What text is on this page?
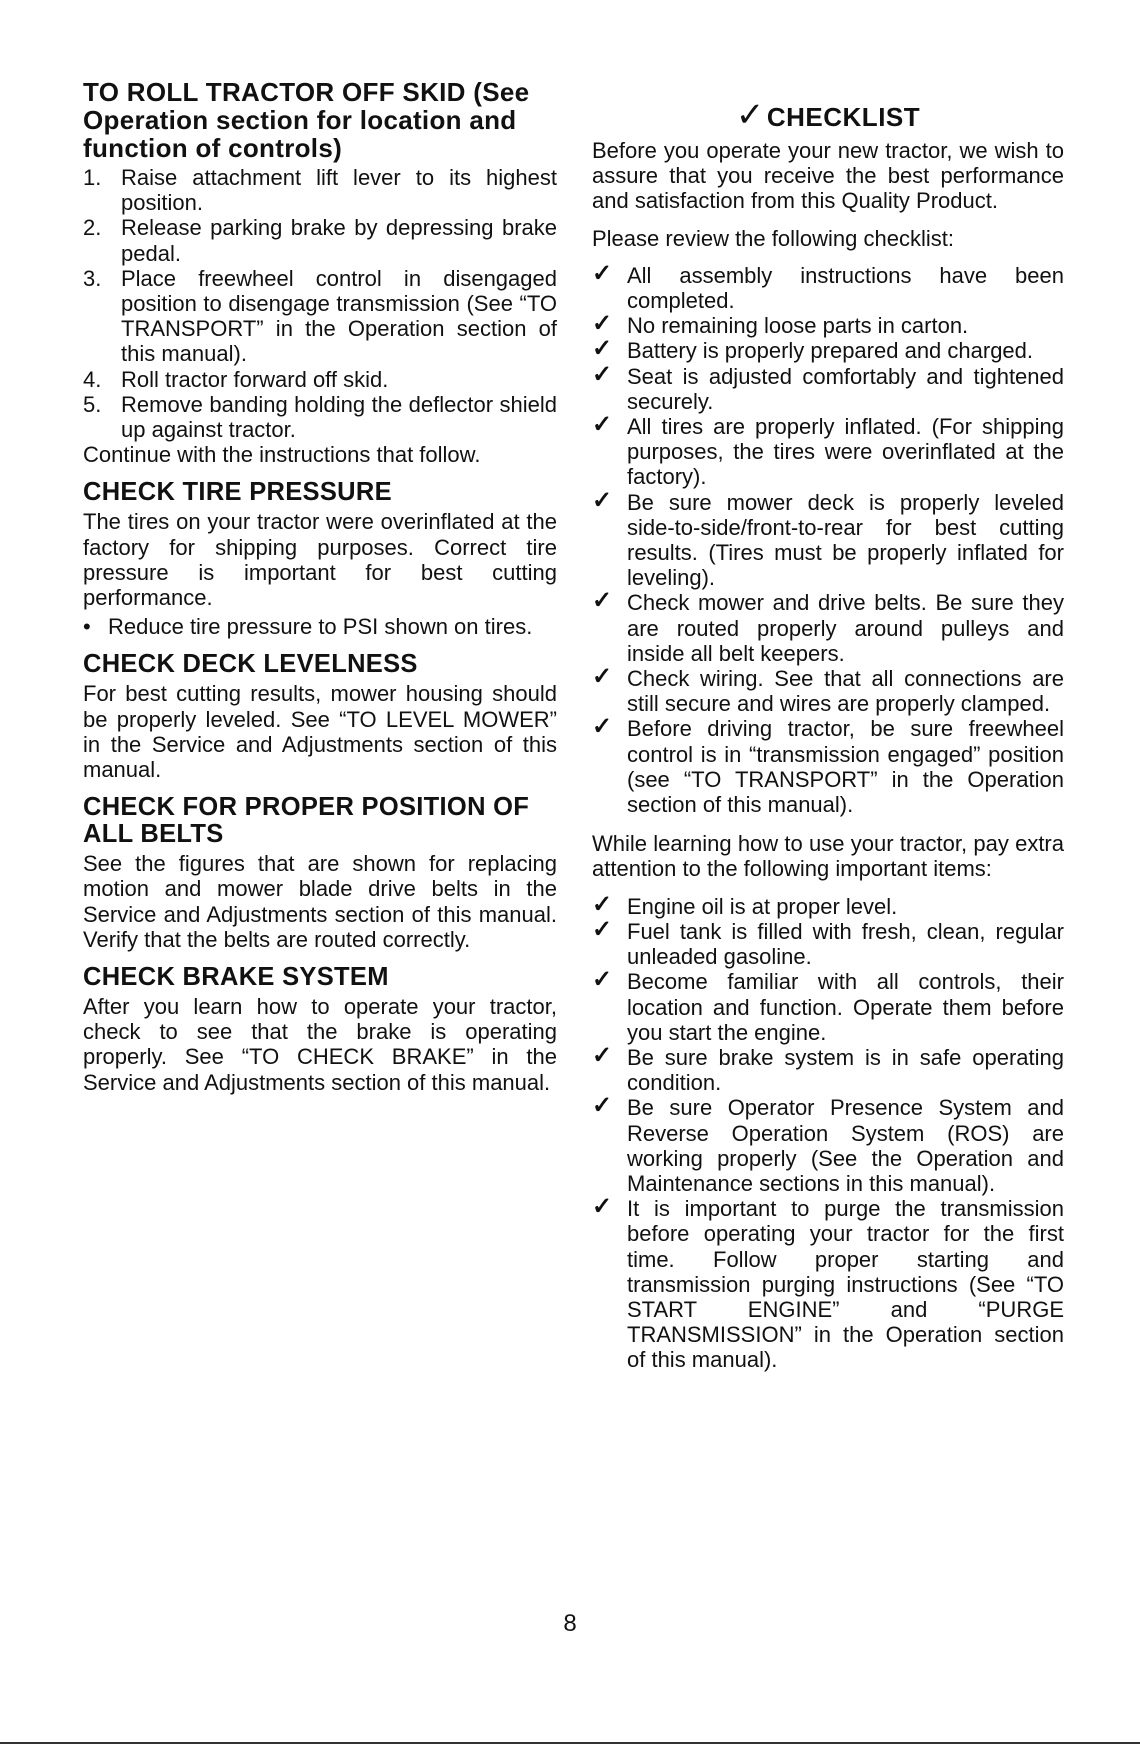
TO ROLL TRACTOR OFF SKID (See Operation section for location and function of controls)
1. Raise attachment lift lever to its highest position.
2. Release parking brake by depressing brake pedal.
3. Place freewheel control in disengaged position to disengage transmission (See “TO TRANSPORT” in the Operation section of this manual).
4. Roll tractor forward off skid.
5. Remove banding holding the deflector shield up against tractor.
Continue with the instructions that follow.
CHECK TIRE PRESSURE
The tires on your tractor were overinflated at the factory for shipping purposes. Correct tire pressure is important for best cutting performance.
• Reduce tire pressure to PSI shown on tires.
CHECK DECK LEVELNESS
For best cutting results, mower housing should be properly leveled. See “TO LEVEL MOWER” in the Service and Adjustments section of this manual.
CHECK FOR PROPER POSITION OF ALL BELTS
See the figures that are shown for replacing motion and mower blade drive belts in the Service and Adjustments section of this manual. Verify that the belts are routed correctly.
CHECK BRAKE SYSTEM
After you learn how to operate your tractor, check to see that the brake is operating properly. See “TO CHECK BRAKE” in the Service and Adjustments section of this manual.
✓CHECKLIST
Before you operate your new tractor, we wish to assure that you receive the best performance and satisfaction from this Quality Product.
Please review the following checklist:
✓ All assembly instructions have been completed.
✓ No remaining loose parts in carton.
✓ Battery is properly prepared and charged.
✓ Seat is adjusted comfortably and tightened securely.
✓ All tires are properly inflated. (For shipping purposes, the tires were overinflated at the factory).
✓ Be sure mower deck is properly leveled side-to-side/front-to-rear for best cutting results. (Tires must be properly inflated for leveling).
✓ Check mower and drive belts. Be sure they are routed properly around pulleys and inside all belt keepers.
✓ Check wiring. See that all connections are still secure and wires are properly clamped.
✓ Before driving tractor, be sure freewheel control is in “transmission engaged” position (see “TO TRANSPORT” in the Operation section of this manual).
While learning how to use your tractor, pay extra attention to the following important items:
✓ Engine oil is at proper level.
✓ Fuel tank is filled with fresh, clean, regular unleaded gasoline.
✓ Become familiar with all controls, their location and function. Operate them before you start the engine.
✓ Be sure brake system is in safe operating condition.
✓ Be sure Operator Presence System and Reverse Operation System (ROS) are working properly (See the Operation and Maintenance sections in this manual).
✓ It is important to purge the transmission before operating your tractor for the first time. Follow proper starting and transmission purging instructions (See “TO START ENGINE” and “PURGE TRANSMISSION” in the Operation section of this manual).
8
